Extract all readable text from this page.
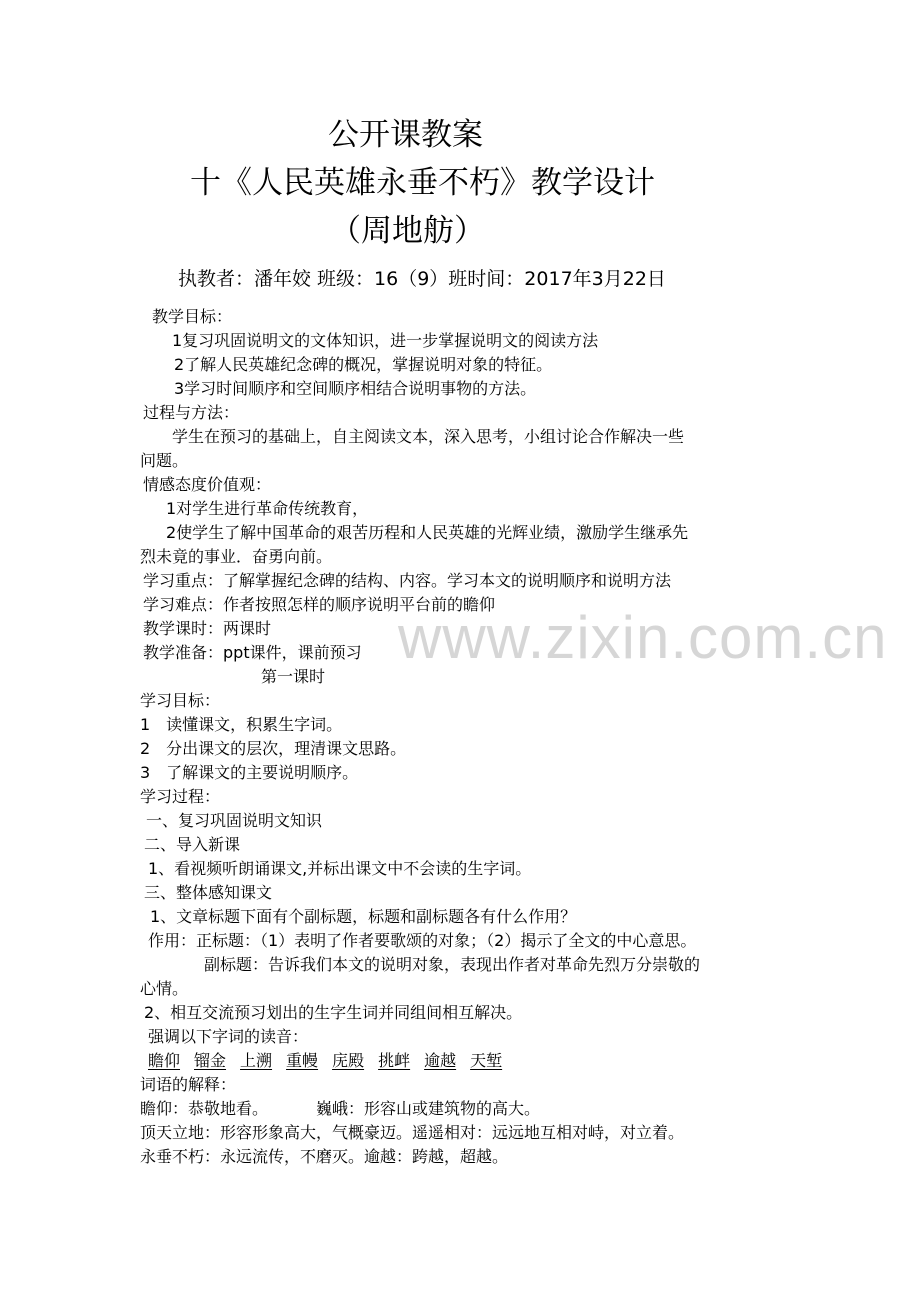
www.zixin.com.cn
公开课教案
十《人民英雄永垂不朽》教学设计
（周地舫）
执教者：潘年姣 班级：16（9）班时间：2017年3月22日
教学目标：
1复习巩固说明文的文体知识，进一步掌握说明文的阅读方法
2了解人民英雄纪念碑的概况，掌握说明对象的特征。
3学习时间顺序和空间顺序相结合说明事物的方法。
过程与方法：
学生在预习的基础上，自主阅读文本，深入思考，小组讨论合作解决一些
问题。
情感态度价值观：
1对学生进行革命传统教育，
2使学生了解中国革命的艰苦历程和人民英雄的光辉业绩，激励学生继承先
烈未竟的事业．奋勇向前。
学习重点：了解掌握纪念碑的结构、内容。学习本文的说明顺序和说明方法
学习难点：作者按照怎样的顺序说明平台前的瞻仰
教学课时：两课时
教学准备：ppt课件，课前预习
第一课时
学习目标：
1　读懂课文，积累生字词。
2　分出课文的层次，理清课文思路。
3　了解课文的主要说明顺序。
学习过程：
一、复习巩固说明文知识
二、导入新课
1、看视频听朗诵课文,并标出课文中不会读的生字词。
三、整体感知课文
1、文章标题下面有个副标题，标题和副标题各有什么作用？
作用：正标题：（1）表明了作者要歌颂的对象；（2）揭示了全文的中心意思。
副标题：告诉我们本文的说明对象，表现出作者对革命先烈万分崇敬的
心情。
2、相互交流预习划出的生字生词并同组间相互解决。
强调以下字词的读音：
瞻仰 镏金 上溯 重幔 庑殿 挑衅 逾越 天堑
词语的解释：
瞻仰：恭敬地看。	巍峨：形容山或建筑物的高大。
顶天立地：形容形象高大，气概豪迈。遥遥相对：远远地互相对峙，对立着。
永垂不朽：永远流传，不磨灭。逾越：跨越，超越。
